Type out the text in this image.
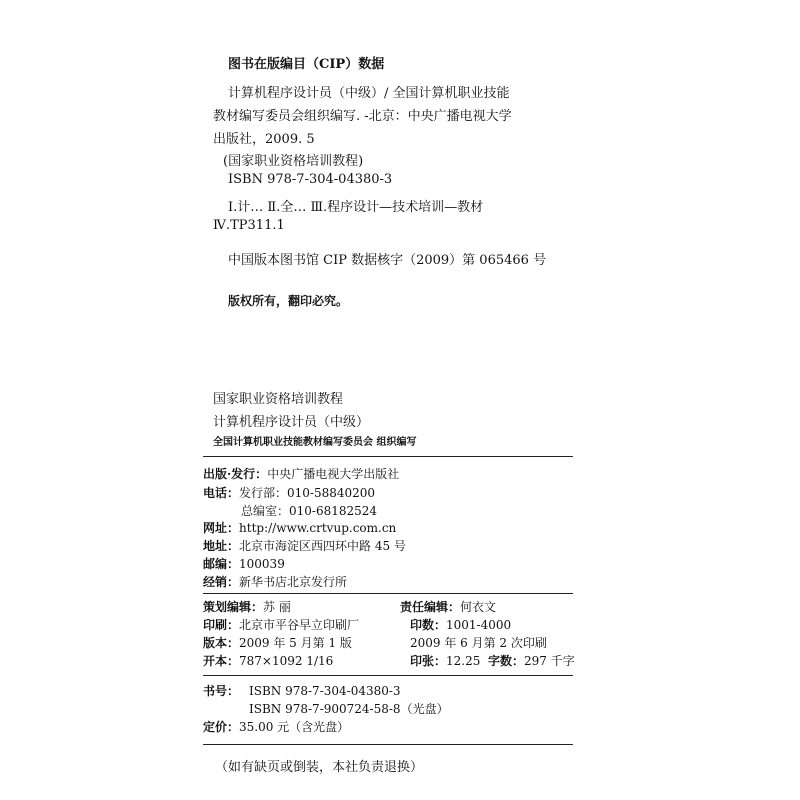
图书在版编目（CIP）数据
计算机程序设计员（中级）/ 全国计算机职业技能
教材编写委员会组织编写. -北京：中央广播电视大学
出版社，2009. 5
(国家职业资格培训教程)
ISBN 978-7-304-04380-3
Ⅰ.计… Ⅱ.全… Ⅲ.程序设计—技术培训—教材
Ⅳ.TP311.1
中国版本图书馆 CIP 数据核字（2009）第 065466 号
版权所有，翻印必究。
国家职业资格培训教程
计算机程序设计员（中级）
全国计算机职业技能教材编写委员会 组织编写
出版·发行：中央广播电视大学出版社
电话：发行部：010-58840200
总编室：010-68182524
网址：http://www.crtvup.com.cn
地址：北京市海淀区西四环中路 45 号
邮编：100039
经销：新华书店北京发行所
策划编辑：苏 丽	责任编辑：何衣文
印刷：北京市平谷早立印刷厂	印数：1001-4000
版本：2009 年 5 月第 1 版	2009 年 6 月第 2 次印刷
开本：787×1092 1/16	印张：12.25 字数：297 千字
书号： ISBN 978-7-304-04380-3
ISBN 978-7-900724-58-8（光盘）
定价：35.00 元（含光盘）
（如有缺页或倒装，本社负责退换）
